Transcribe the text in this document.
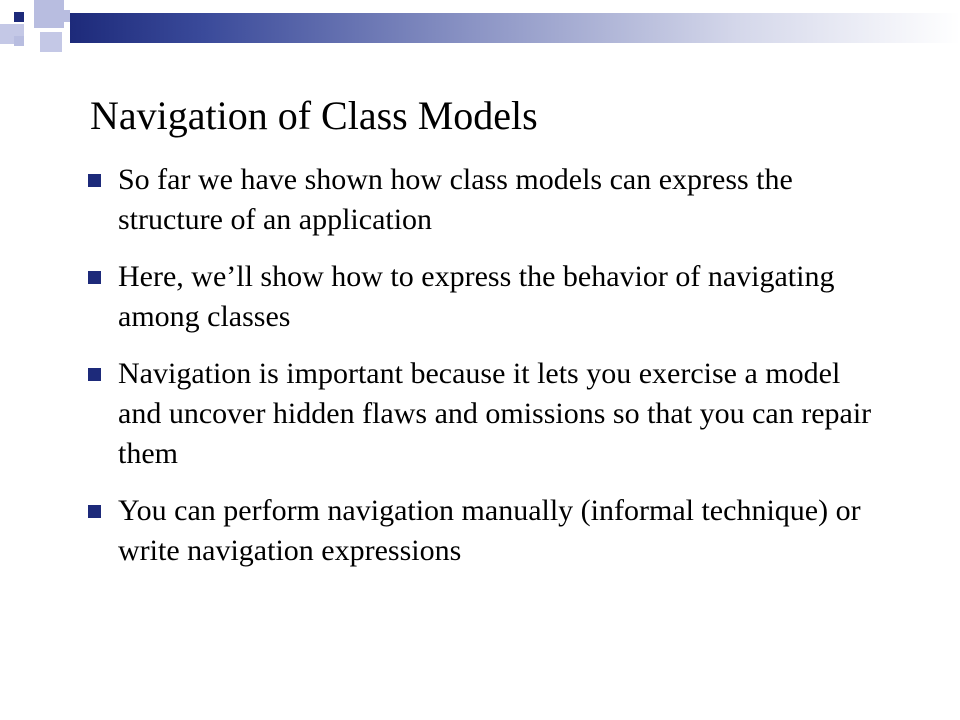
Navigation of Class Models
So far we have shown how class models can express the structure of an application
Here, we’ll show how to express the behavior of navigating among classes
Navigation is important because it lets you exercise a model and uncover hidden flaws and omissions so that you can repair them
You can perform navigation manually (informal technique) or write navigation expressions
